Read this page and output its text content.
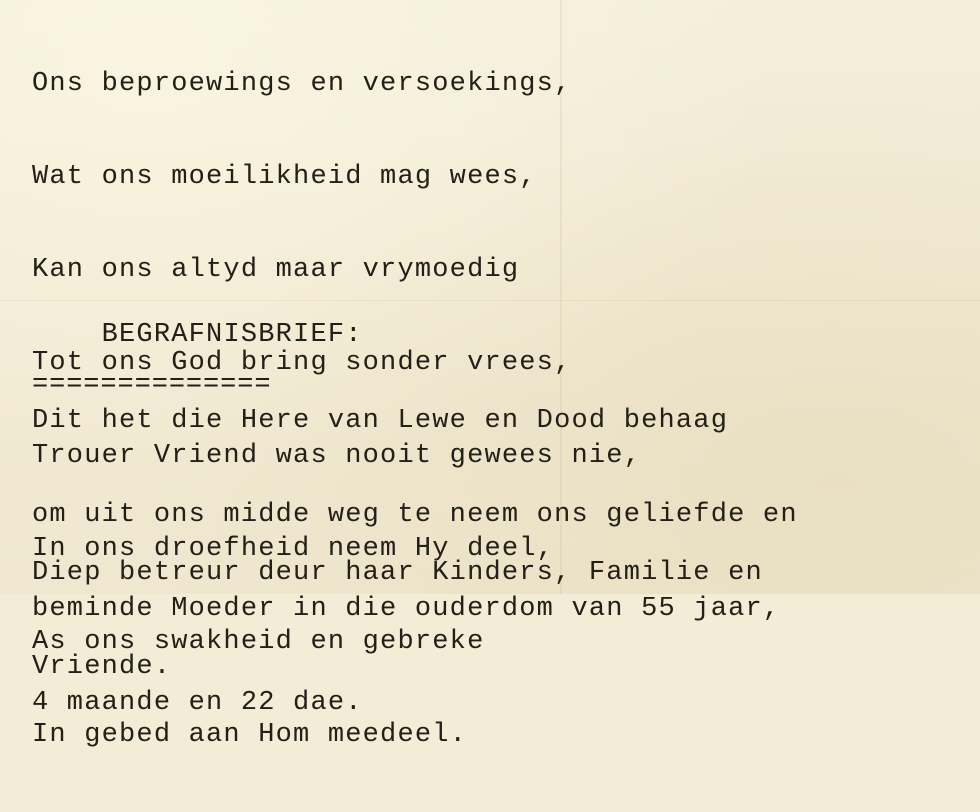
Ons beproewings en versoekings,

Wat ons moeilikheid mag wees,

Kan ons altyd maar vrymoedig

Tot ons God bring sonder vrees,

Trouer Vriend was nooit gewees nie,

In ons droefheid neem Hy deel,

As ons swakheid en gebreke

In gebed aan Hom meedeel.

BEGRAFNISBRIEF:

==============

Dit het die Here van Lewe en Dood behaag

om uit ons midde weg te neem ons geliefde en

beminde Moeder in die ouderdom van 55 jaar,

4 maande en 22 dae.

Diep betreur deur haar Kinders, Familie en

Vriende.
